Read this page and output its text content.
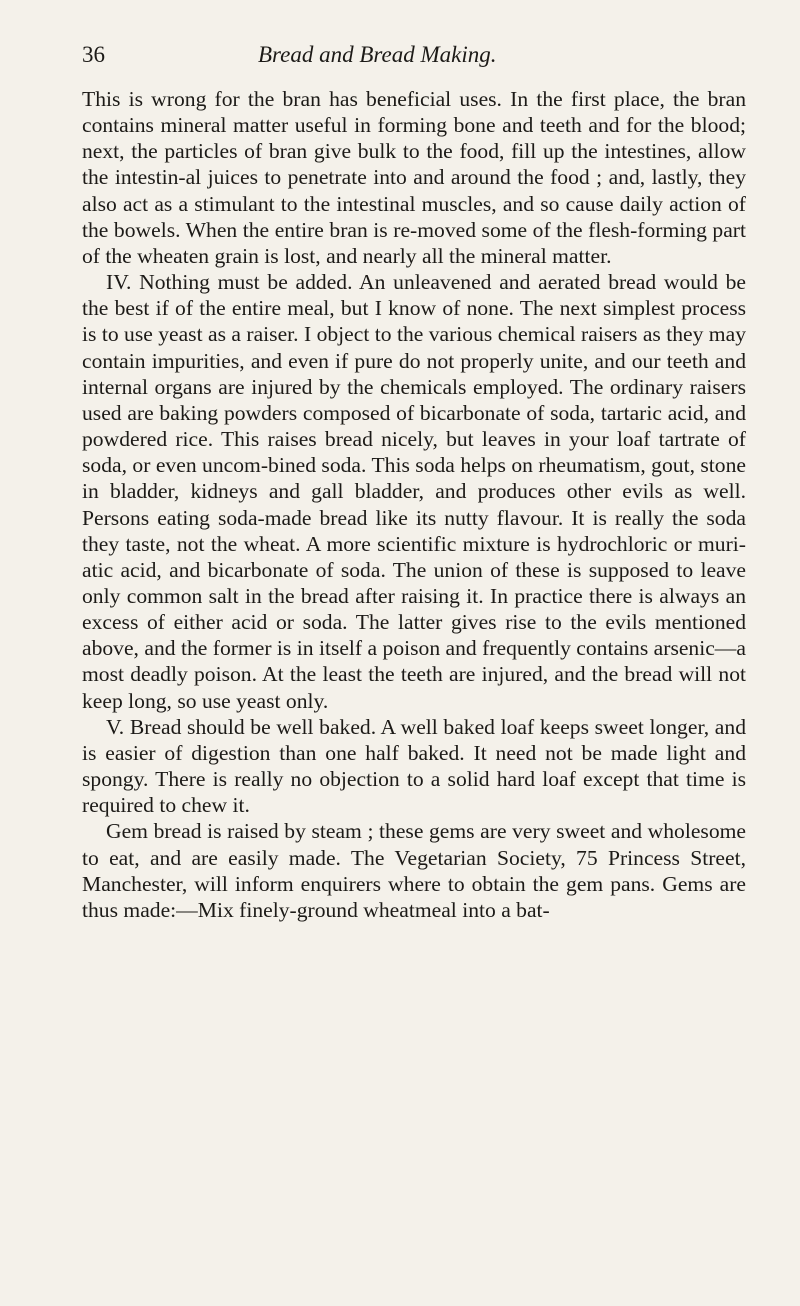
36	Bread and Bread Making.

This is wrong for the bran has beneficial uses. In the first place, the bran contains mineral matter useful in forming bone and teeth and for the blood; next, the particles of bran give bulk to the food, fill up the intestines, allow the intestin-al juices to penetrate into and around the food ; and, lastly, they also act as a stimulant to the intestinal muscles, and so cause daily action of the bowels. When the entire bran is re-moved some of the flesh-forming part of the wheaten grain is lost, and nearly all the mineral matter.

IV. Nothing must be added. An unleavened and aerated bread would be the best if of the entire meal, but I know of none. The next simplest process is to use yeast as a raiser. I object to the various chemical raisers as they may contain impurities, and even if pure do not properly unite, and our teeth and internal organs are injured by the chemicals employed. The ordinary raisers used are baking powders composed of bicarbonate of soda, tartaric acid, and powdered rice. This raises bread nicely, but leaves in your loaf tartrate of soda, or even uncom-bined soda. This soda helps on rheumatism, gout, stone in bladder, kidneys and gall bladder, and produces other evils as well. Persons eating soda-made bread like its nutty flavour. It is really the soda they taste, not the wheat. A more scientific mixture is hydrochloric or muri-atic acid, and bicarbonate of soda. The union of these is supposed to leave only common salt in the bread after raising it. In practice there is always an excess of either acid or soda. The latter gives rise to the evils mentioned above, and the former is in itself a poison and frequently contains arsenic—a most deadly poison. At the least the teeth are injured, and the bread will not keep long, so use yeast only.

V. Bread should be well baked. A well baked loaf keeps sweet longer, and is easier of digestion than one half baked. It need not be made light and spongy. There is really no objection to a solid hard loaf except that time is required to chew it.

Gem bread is raised by steam ; these gems are very sweet and wholesome to eat, and are easily made. The Vegetarian Society, 75 Princess Street, Manchester, will inform enquirers where to obtain the gem pans. Gems are thus made:—Mix finely-ground wheatmeal into a bat-
